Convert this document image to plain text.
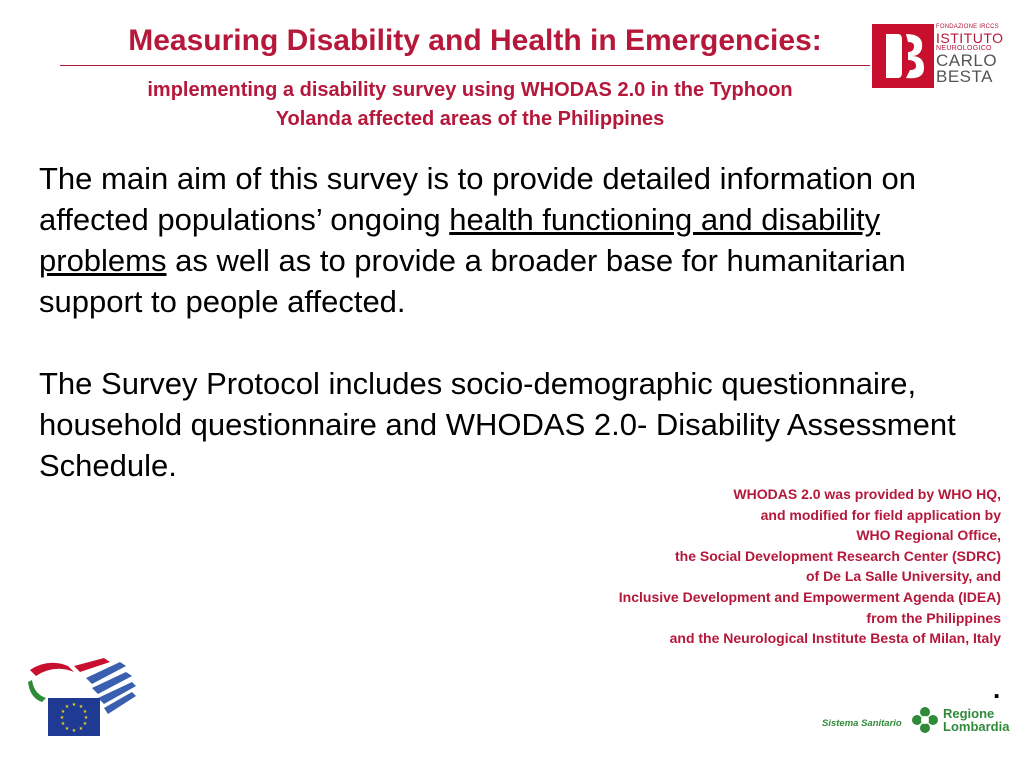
Measuring Disability and Health in Emergencies:
implementing a disability survey using WHODAS 2.0 in the Typhoon
Yolanda affected areas of the Philippines
FONDAZIONE IRCCS
ISTITUTO
NEUROLOGICO
CARLO
BESTA

The main aim of this survey is to provide detailed information on affected populations’ ongoing health functioning and disability problems as well as to provide a broader base for humanitarian support to people affected.

The Survey Protocol includes socio-demographic questionnaire, household questionnaire and WHODAS 2.0- Disability Assessment Schedule.

WHODAS 2.0 was provided by WHO HQ,
and modified for field application by
WHO Regional Office,
the Social Development Research Center (SDRC)
of De La Salle University, and
Inclusive Development and Empowerment Agenda (IDEA)
from the Philippines
and the Neurological Institute Besta of Milan, Italy
.
★ ★
★
★
★
★
★
★
★
★
★
★
Sistema Sanitario
Regione
Lombardia
